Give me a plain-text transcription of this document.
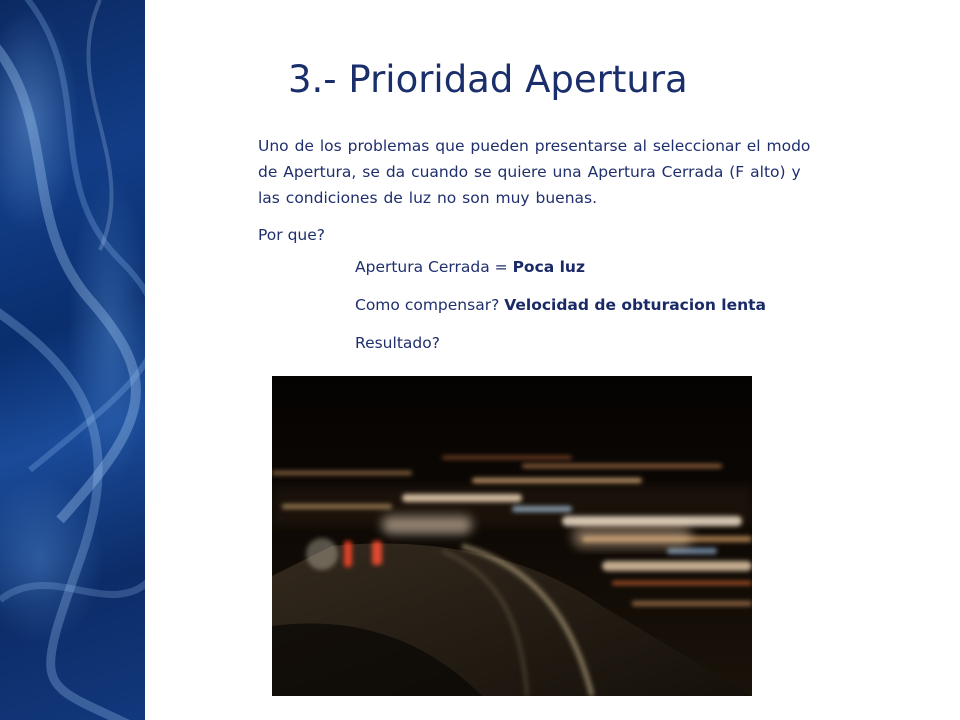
3.- Prioridad Apertura

Uno de los problemas que pueden presentarse al seleccionar el modo de Apertura, se da cuando se quiere una Apertura Cerrada (F alto) y las condiciones de luz no son muy buenas.

Por que?

Apertura Cerrada = Poca luz

Como compensar? Velocidad de obturacion lenta

Resultado?
